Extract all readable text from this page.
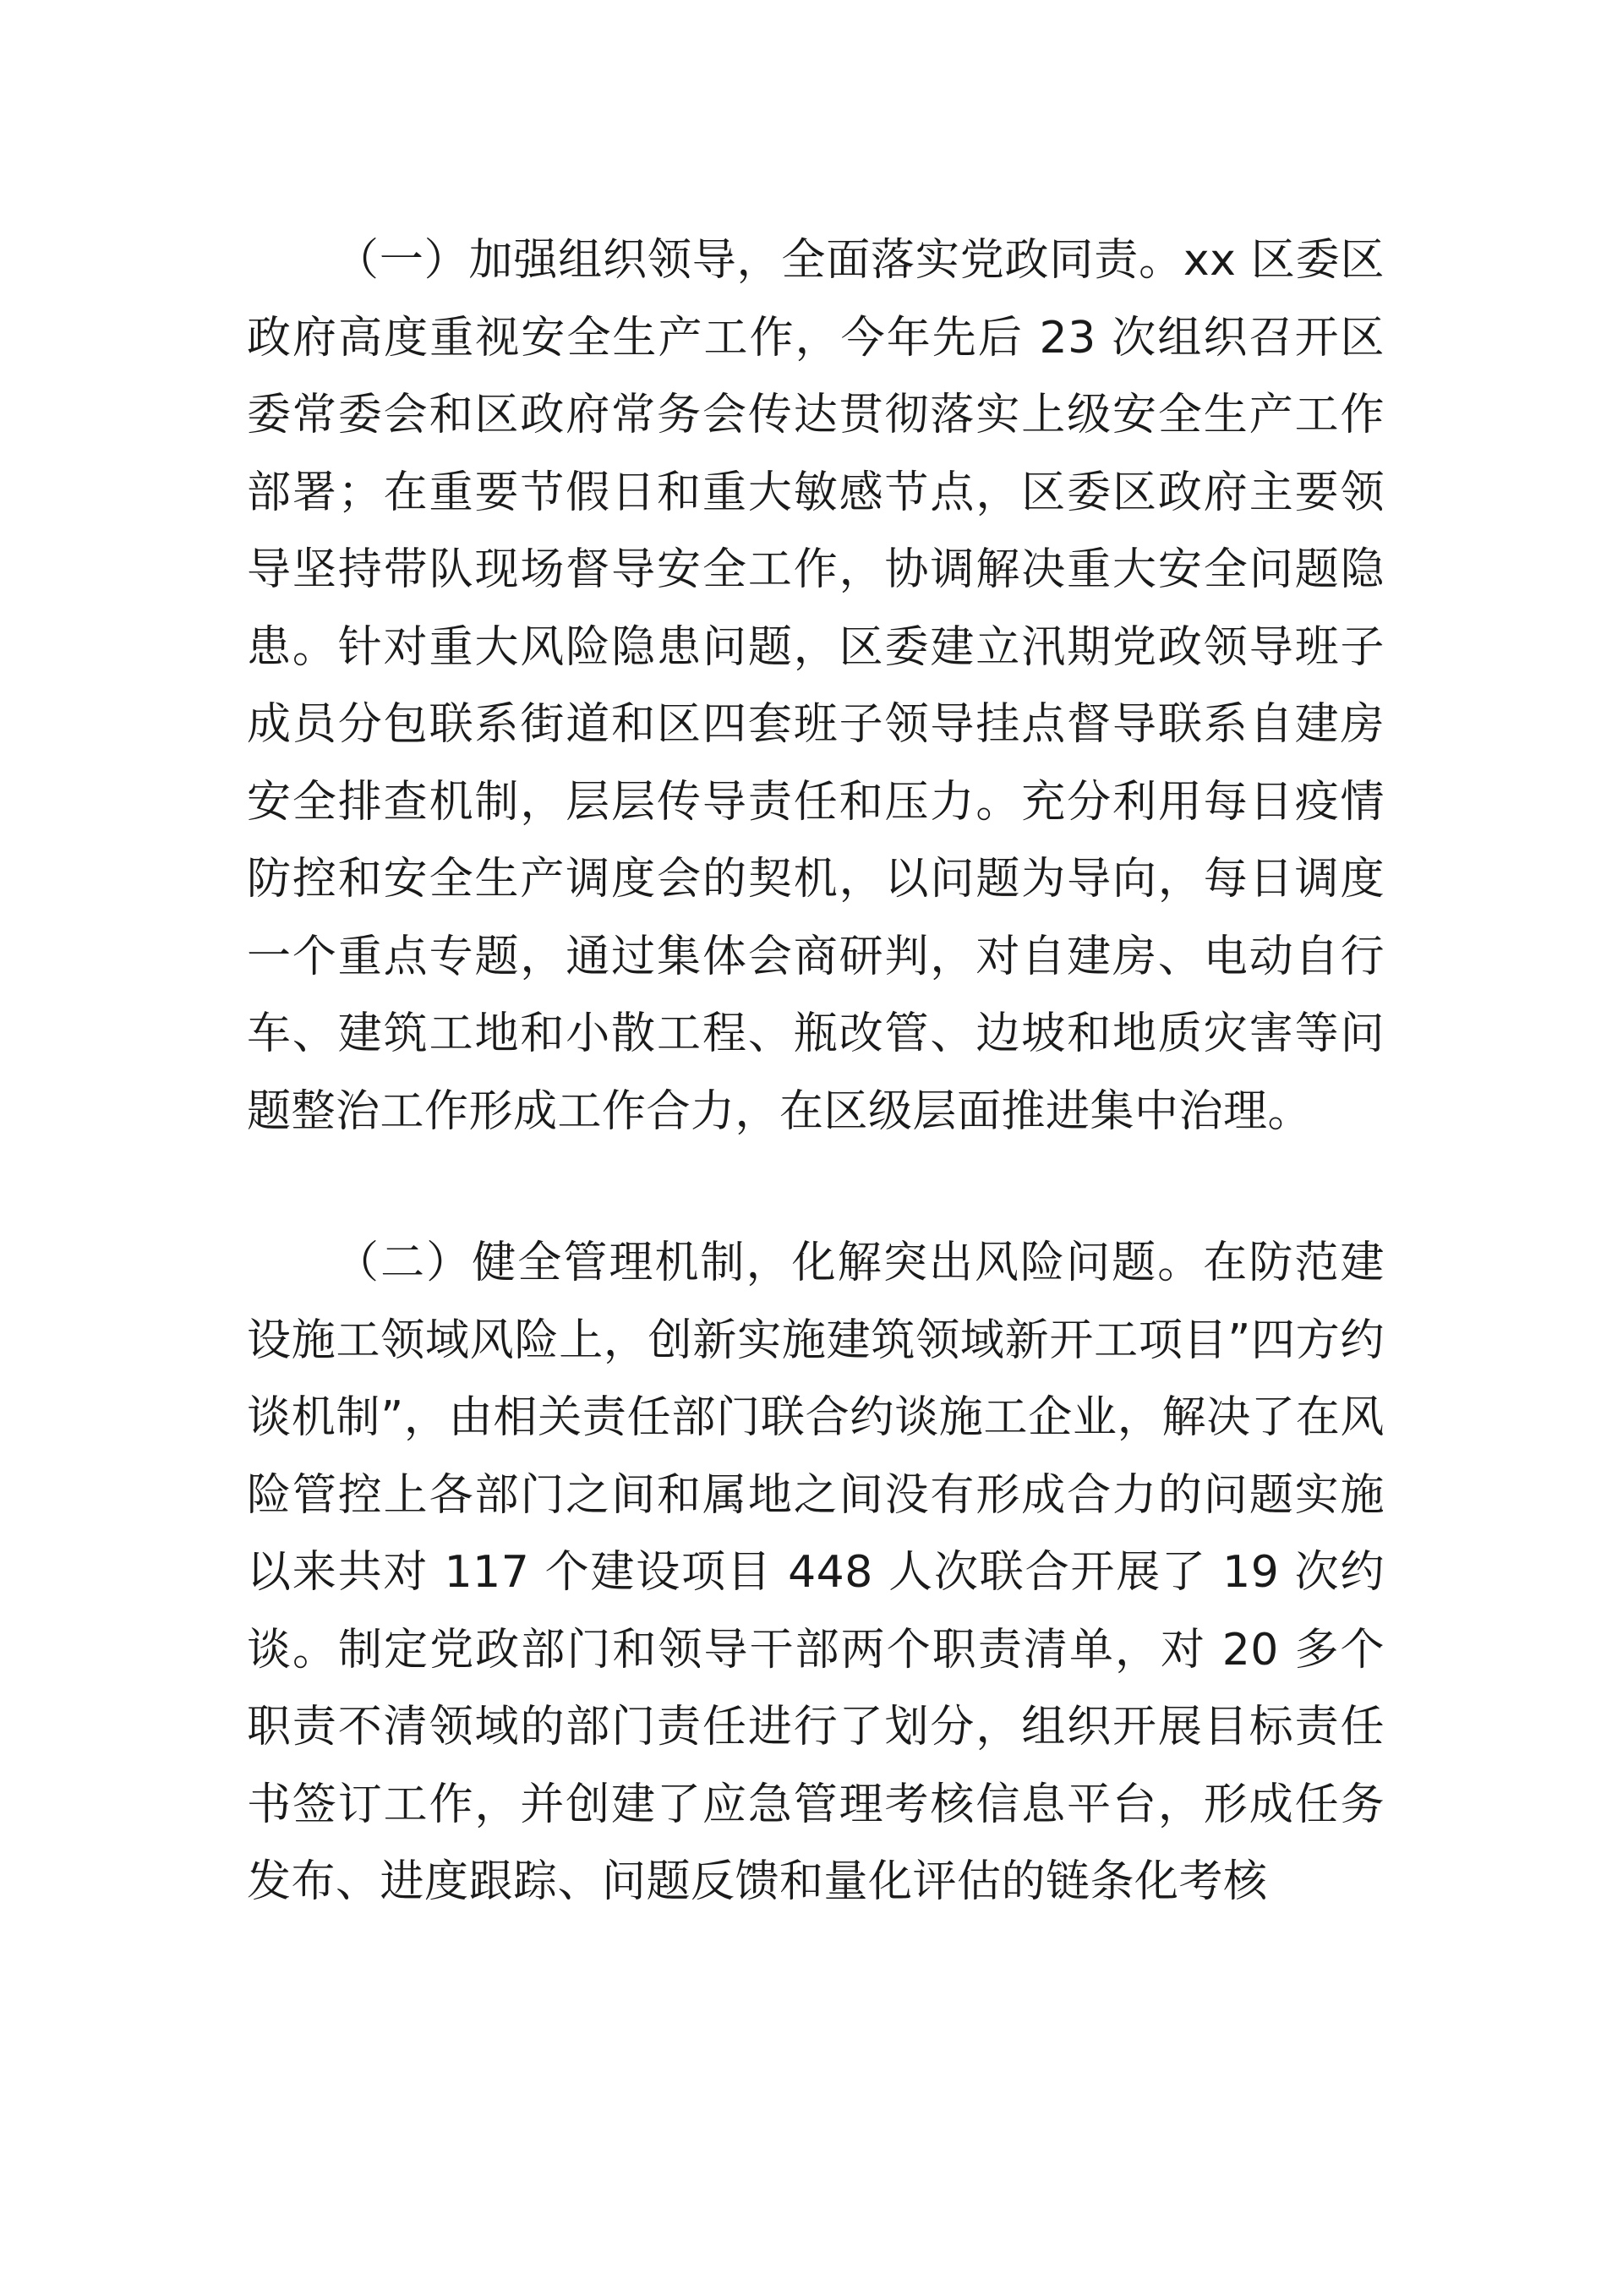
（一）加强组织领导，全面落实党政同责。xx 区委区政府高度重视安全生产工作，今年先后 23 次组织召开区委常委会和区政府常务会传达贯彻落实上级安全生产工作部署；在重要节假日和重大敏感节点，区委区政府主要领导坚持带队现场督导安全工作，协调解决重大安全问题隐患。针对重大风险隐患问题，区委建立汛期党政领导班子成员分包联系街道和区四套班子领导挂点督导联系自建房安全排查机制，层层传导责任和压力。充分利用每日疫情防控和安全生产调度会的契机，以问题为导向，每日调度一个重点专题，通过集体会商研判，对自建房、电动自行车、建筑工地和小散工程、瓶改管、边坡和地质灾害等问题整治工作形成工作合力，在区级层面推进集中治理。

（二）健全管理机制，化解突出风险问题。在防范建设施工领域风险上，创新实施建筑领域新开工项目”四方约谈机制”，由相关责任部门联合约谈施工企业，解决了在风险管控上各部门之间和属地之间没有形成合力的问题实施以来共对 117 个建设项目 448 人次联合开展了 19 次约谈。制定党政部门和领导干部两个职责清单，对 20 多个职责不清领域的部门责任进行了划分，组织开展目标责任书签订工作，并创建了应急管理考核信息平台，形成任务发布、进度跟踪、问题反馈和量化评估的链条化考核
